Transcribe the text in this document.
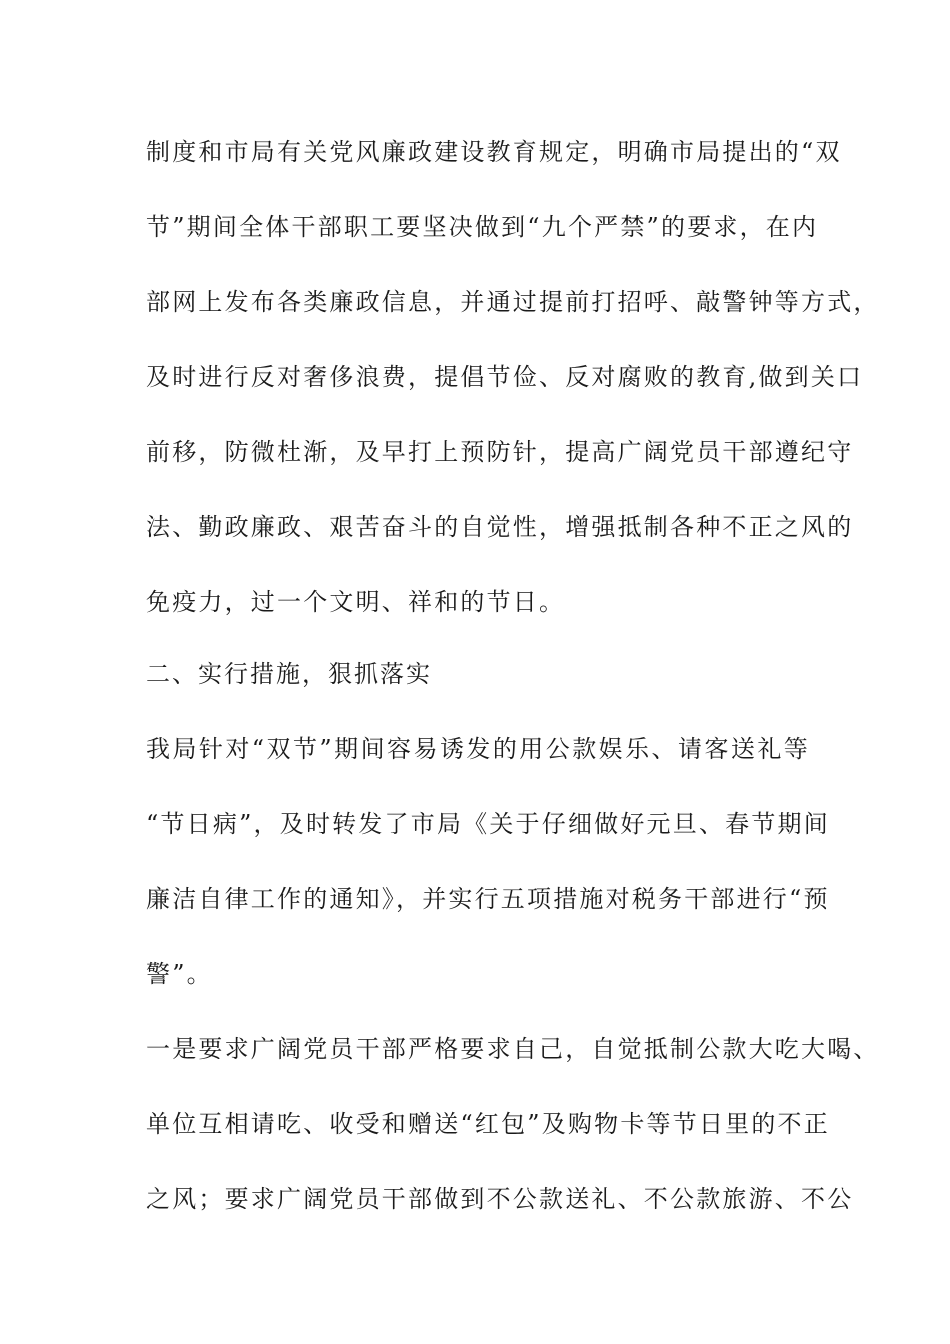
制度和市局有关党风廉政建设教育规定，明确市局提出的“双
节”期间全体干部职工要坚决做到“九个严禁”的要求，在内
部网上发布各类廉政信息，并通过提前打招呼、敲警钟等方式，
及时进行反对奢侈浪费，提倡节俭、反对腐败的教育,做到关口
前移，防微杜渐，及早打上预防针，提高广阔党员干部遵纪守
法、勤政廉政、艰苦奋斗的自觉性，增强抵制各种不正之风的
免疫力，过一个文明、祥和的节日。
二、实行措施，狠抓落实
我局针对“双节”期间容易诱发的用公款娱乐、请客送礼等
“节日病”，及时转发了市局《关于仔细做好元旦、春节期间
廉洁自律工作的通知》，并实行五项措施对税务干部进行“预
警”。
一是要求广阔党员干部严格要求自己，自觉抵制公款大吃大喝、
单位互相请吃、收受和赠送“红包”及购物卡等节日里的不正
之风；要求广阔党员干部做到不公款送礼、不公款旅游、不公
